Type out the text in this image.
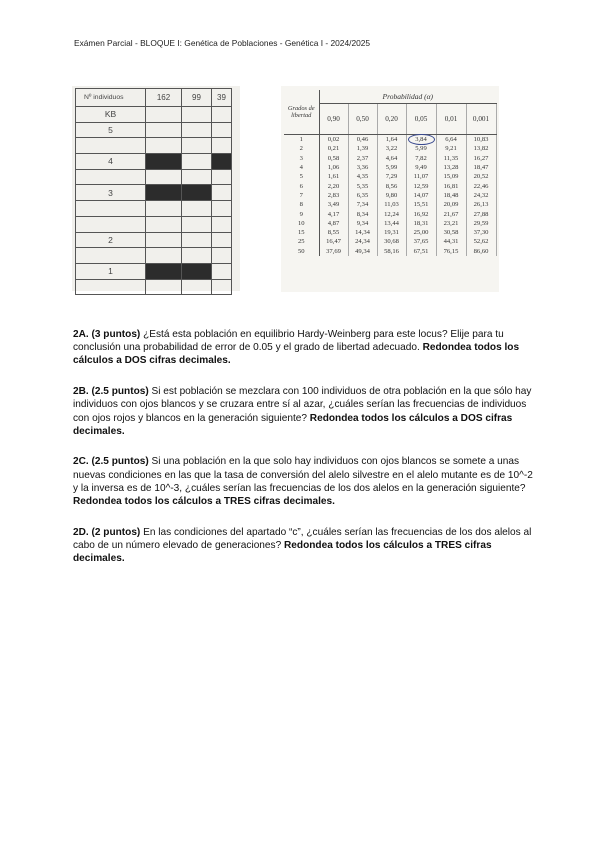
Exámen Parcial - BLOQUE I: Genética de Poblaciones - Genética I - 2024/2025
Nº individuos	162	99	39
KB			
5			

4			

3			

2			

1			

Grados de libertad	Probabilidad (α)					
	0,90	0,50	0,20	0,05	0,01	0,001
1	0,02	0,46	1,64	3,84	6,64	10,83
2	0,21	1,39	3,22	5,99	9,21	13,82
3	0,58	2,37	4,64	7,82	11,35	16,27
4	1,06	3,36	5,99	9,49	13,28	18,47
5	1,61	4,35	7,29	11,07	15,09	20,52
6	2,20	5,35	8,56	12,59	16,81	22,46
7	2,83	6,35	9,80	14,07	18,48	24,32
8	3,49	7,34	11,03	15,51	20,09	26,13
9	4,17	8,34	12,24	16,92	21,67	27,88
10	4,87	9,34	13,44	18,31	23,21	29,59
15	8,55	14,34	19,31	25,00	30,58	37,30
25	16,47	24,34	30,68	37,65	44,31	52,62
50	37,69	49,34	58,16	67,51	76,15	86,60

2A. (3 puntos) ¿Está esta población en equilibrio Hardy-Weinberg para este locus? Elije para tu conclusión una probabilidad de error de 0.05 y el grado de libertad adecuado. Redondea todos los cálculos a DOS cifras decimales.

2B. (2.5 puntos) Si est población se mezclara con 100 individuos de otra población en la que sólo hay individuos con ojos blancos y se cruzara entre sí al azar, ¿cuáles serían las frecuencias de individuos con ojos rojos y blancos en la generación siguiente? Redondea todos los cálculos a DOS cifras decimales.

2C. (2.5 puntos) Si una población en la que solo hay individuos con ojos blancos se somete a unas nuevas condiciones en las que la tasa de conversión del alelo silvestre en el alelo mutante es de 10^-2 y la inversa es de 10^-3, ¿cuáles serían las frecuencias de los dos alelos en la generación siguiente? Redondea todos los cálculos a TRES cifras decimales.

2D. (2 puntos) En las condiciones del apartado “c”, ¿cuáles serían las frecuencias de los dos alelos al cabo de un número elevado de generaciones? Redondea todos los cálculos a TRES cifras decimales.
